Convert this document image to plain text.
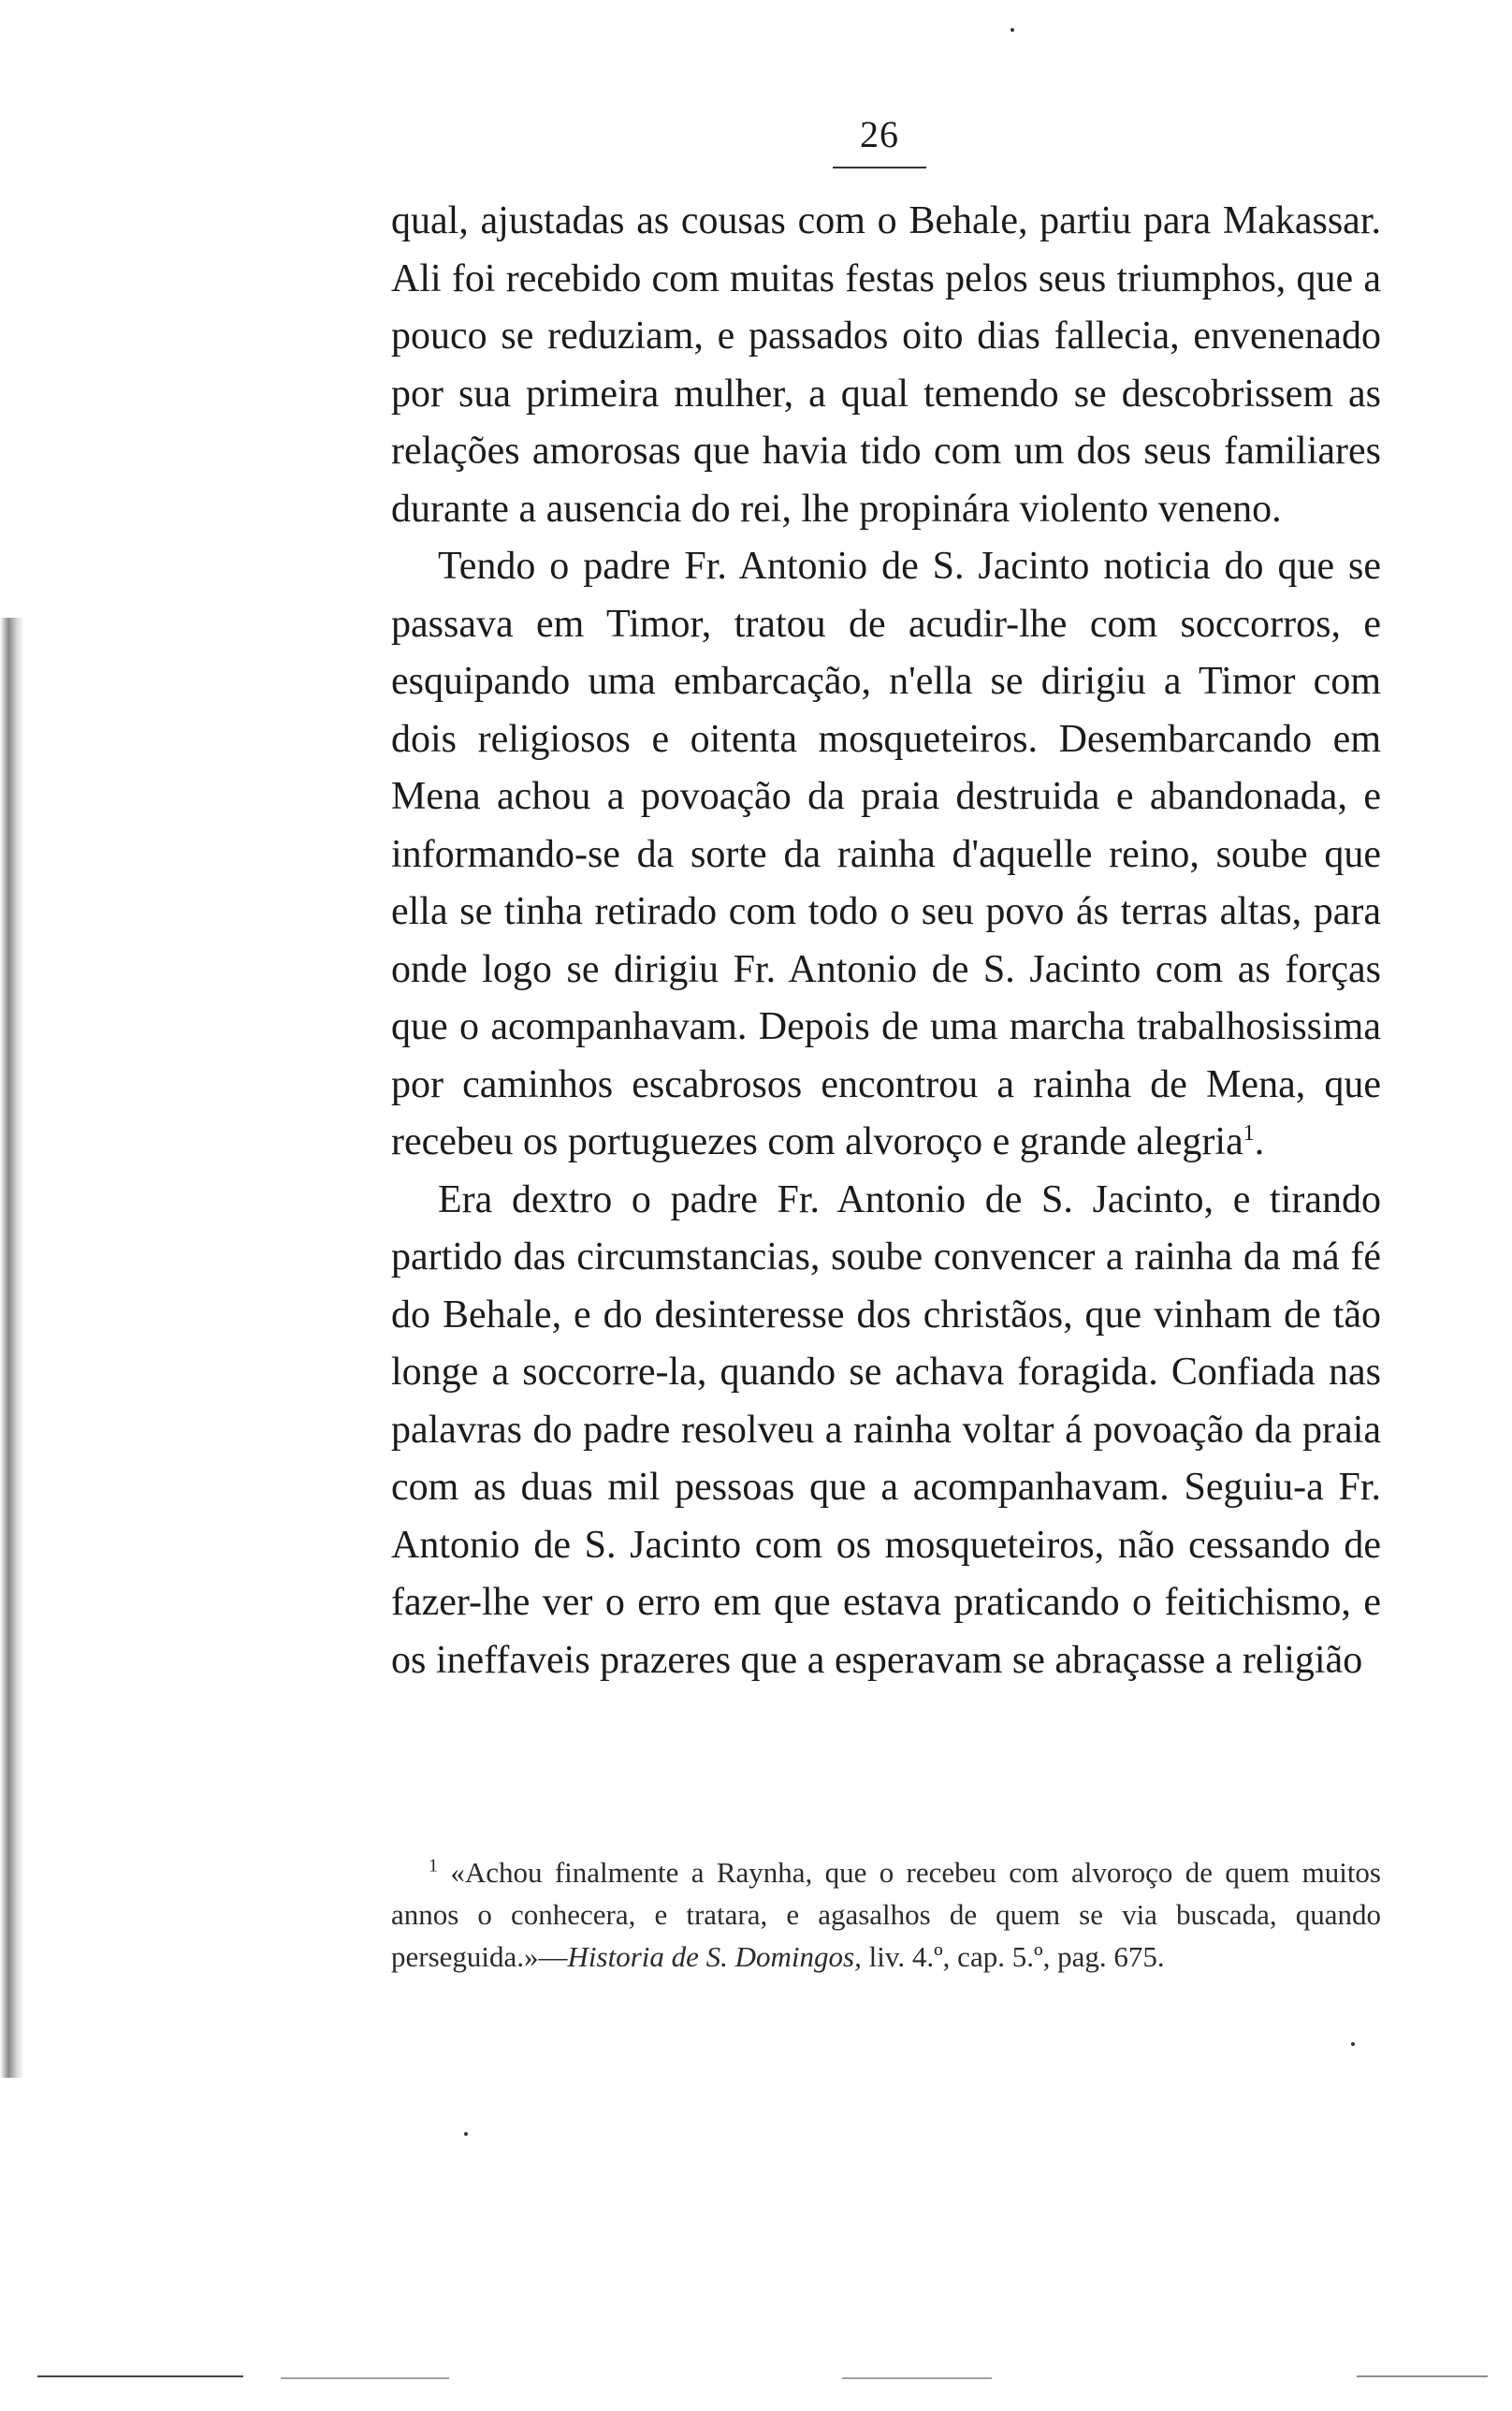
26

qual, ajustadas as cousas com o Behale, partiu para Makassar. Ali foi recebido com muitas festas pelos seus triumphos, que a pouco se reduziam, e passados oito dias fallecia, envenenado por sua primeira mulher, a qual temendo se descobrissem as relações amorosas que havia tido com um dos seus familiares durante a ausencia do rei, lhe propinára violento veneno.

Tendo o padre Fr. Antonio de S. Jacinto noticia do que se passava em Timor, tratou de acudir-lhe com soccorros, e esquipando uma embarcação, n'ella se dirigiu a Timor com dois religiosos e oitenta mosqueteiros. Desembarcando em Mena achou a povoação da praia destruida e abandonada, e informando-se da sorte da rainha d'aquelle reino, soube que ella se tinha retirado com todo o seu povo ás terras altas, para onde logo se dirigiu Fr. Antonio de S. Jacinto com as forças que o acompanhavam. Depois de uma marcha trabalhosissima por caminhos escabrosos encontrou a rainha de Mena, que recebeu os portuguezes com alvoroço e grande alegria$^1$.

Era dextro o padre Fr. Antonio de S. Jacinto, e tirando partido das circumstancias, soube convencer a rainha da má fé do Behale, e do desinteresse dos christãos, que vinham de tão longe a soccorre-la, quando se achava foragida. Confiada nas palavras do padre resolveu a rainha voltar á povoação da praia com as duas mil pessoas que a acompanhavam. Seguiu-a Fr. Antonio de S. Jacinto com os mosqueteiros, não cessando de fazer-lhe ver o erro em que estava praticando o feitichismo, e os ineffaveis prazeres que a esperavam se abraçasse a religião

$^1$ «Achou finalmente a Raynha, que o recebeu com alvoroço de quem muitos annos o conhecera, e tratara, e agasalhos de quem se via buscada, quando perseguida.»—Historia de S. Domingos, liv. 4.º, cap. 5.º, pag. 675.
